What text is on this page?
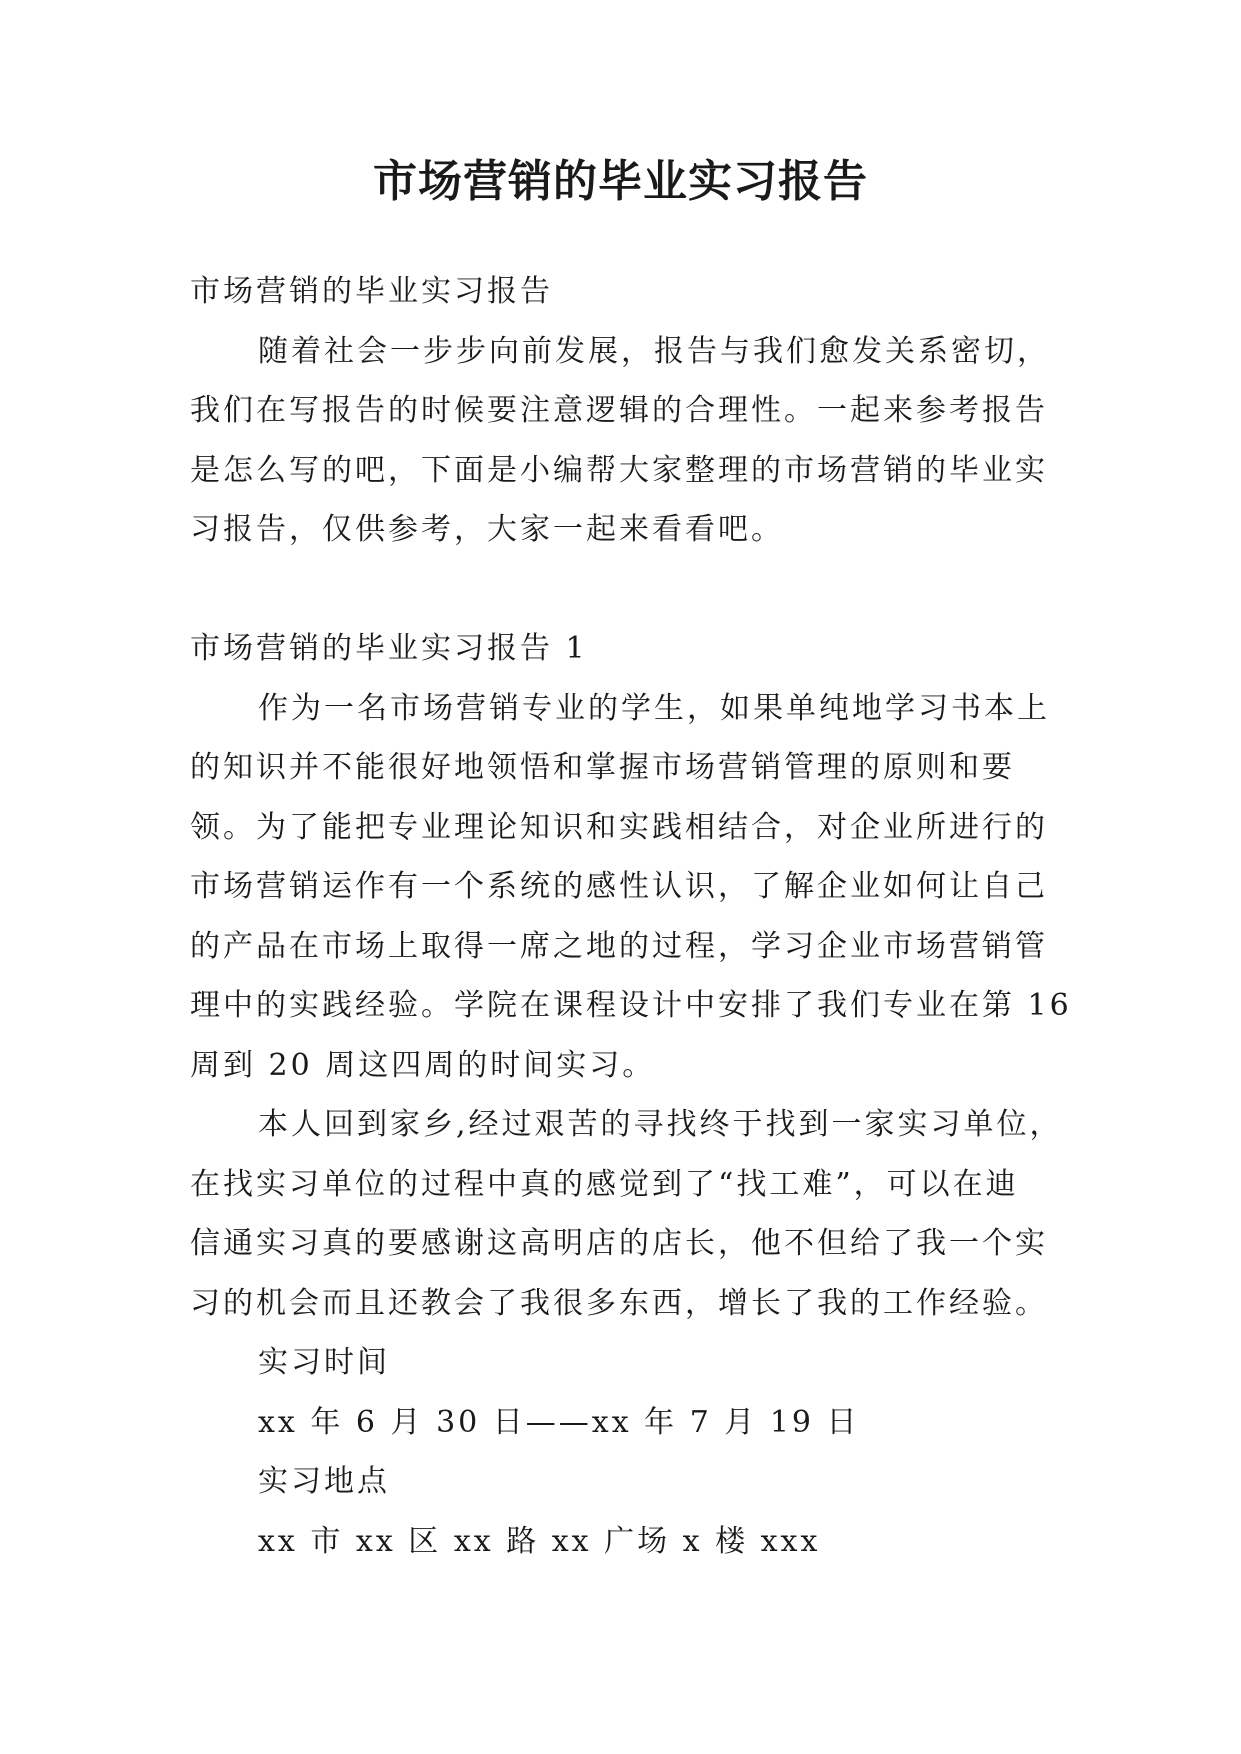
市场营销的毕业实习报告
市场营销的毕业实习报告
随着社会一步步向前发展，报告与我们愈发关系密切，
我们在写报告的时候要注意逻辑的合理性。一起来参考报告
是怎么写的吧，下面是小编帮大家整理的市场营销的毕业实
习报告，仅供参考，大家一起来看看吧。
市场营销的毕业实习报告 1
作为一名市场营销专业的学生，如果单纯地学习书本上
的知识并不能很好地领悟和掌握市场营销管理的原则和要
领。为了能把专业理论知识和实践相结合，对企业所进行的
市场营销运作有一个系统的感性认识，了解企业如何让自己
的产品在市场上取得一席之地的过程，学习企业市场营销管
理中的实践经验。学院在课程设计中安排了我们专业在第 16
周到 20 周这四周的时间实习。
本人回到家乡,经过艰苦的寻找终于找到一家实习单位，
在找实习单位的过程中真的感觉到了“找工难”，可以在迪
信通实习真的要感谢这高明店的店长，他不但给了我一个实
习的机会而且还教会了我很多东西，增长了我的工作经验。
实习时间
xx 年 6 月 30 日——xx 年 7 月 19 日
实习地点
xx 市 xx 区 xx 路 xx 广场 x 楼 xxx
